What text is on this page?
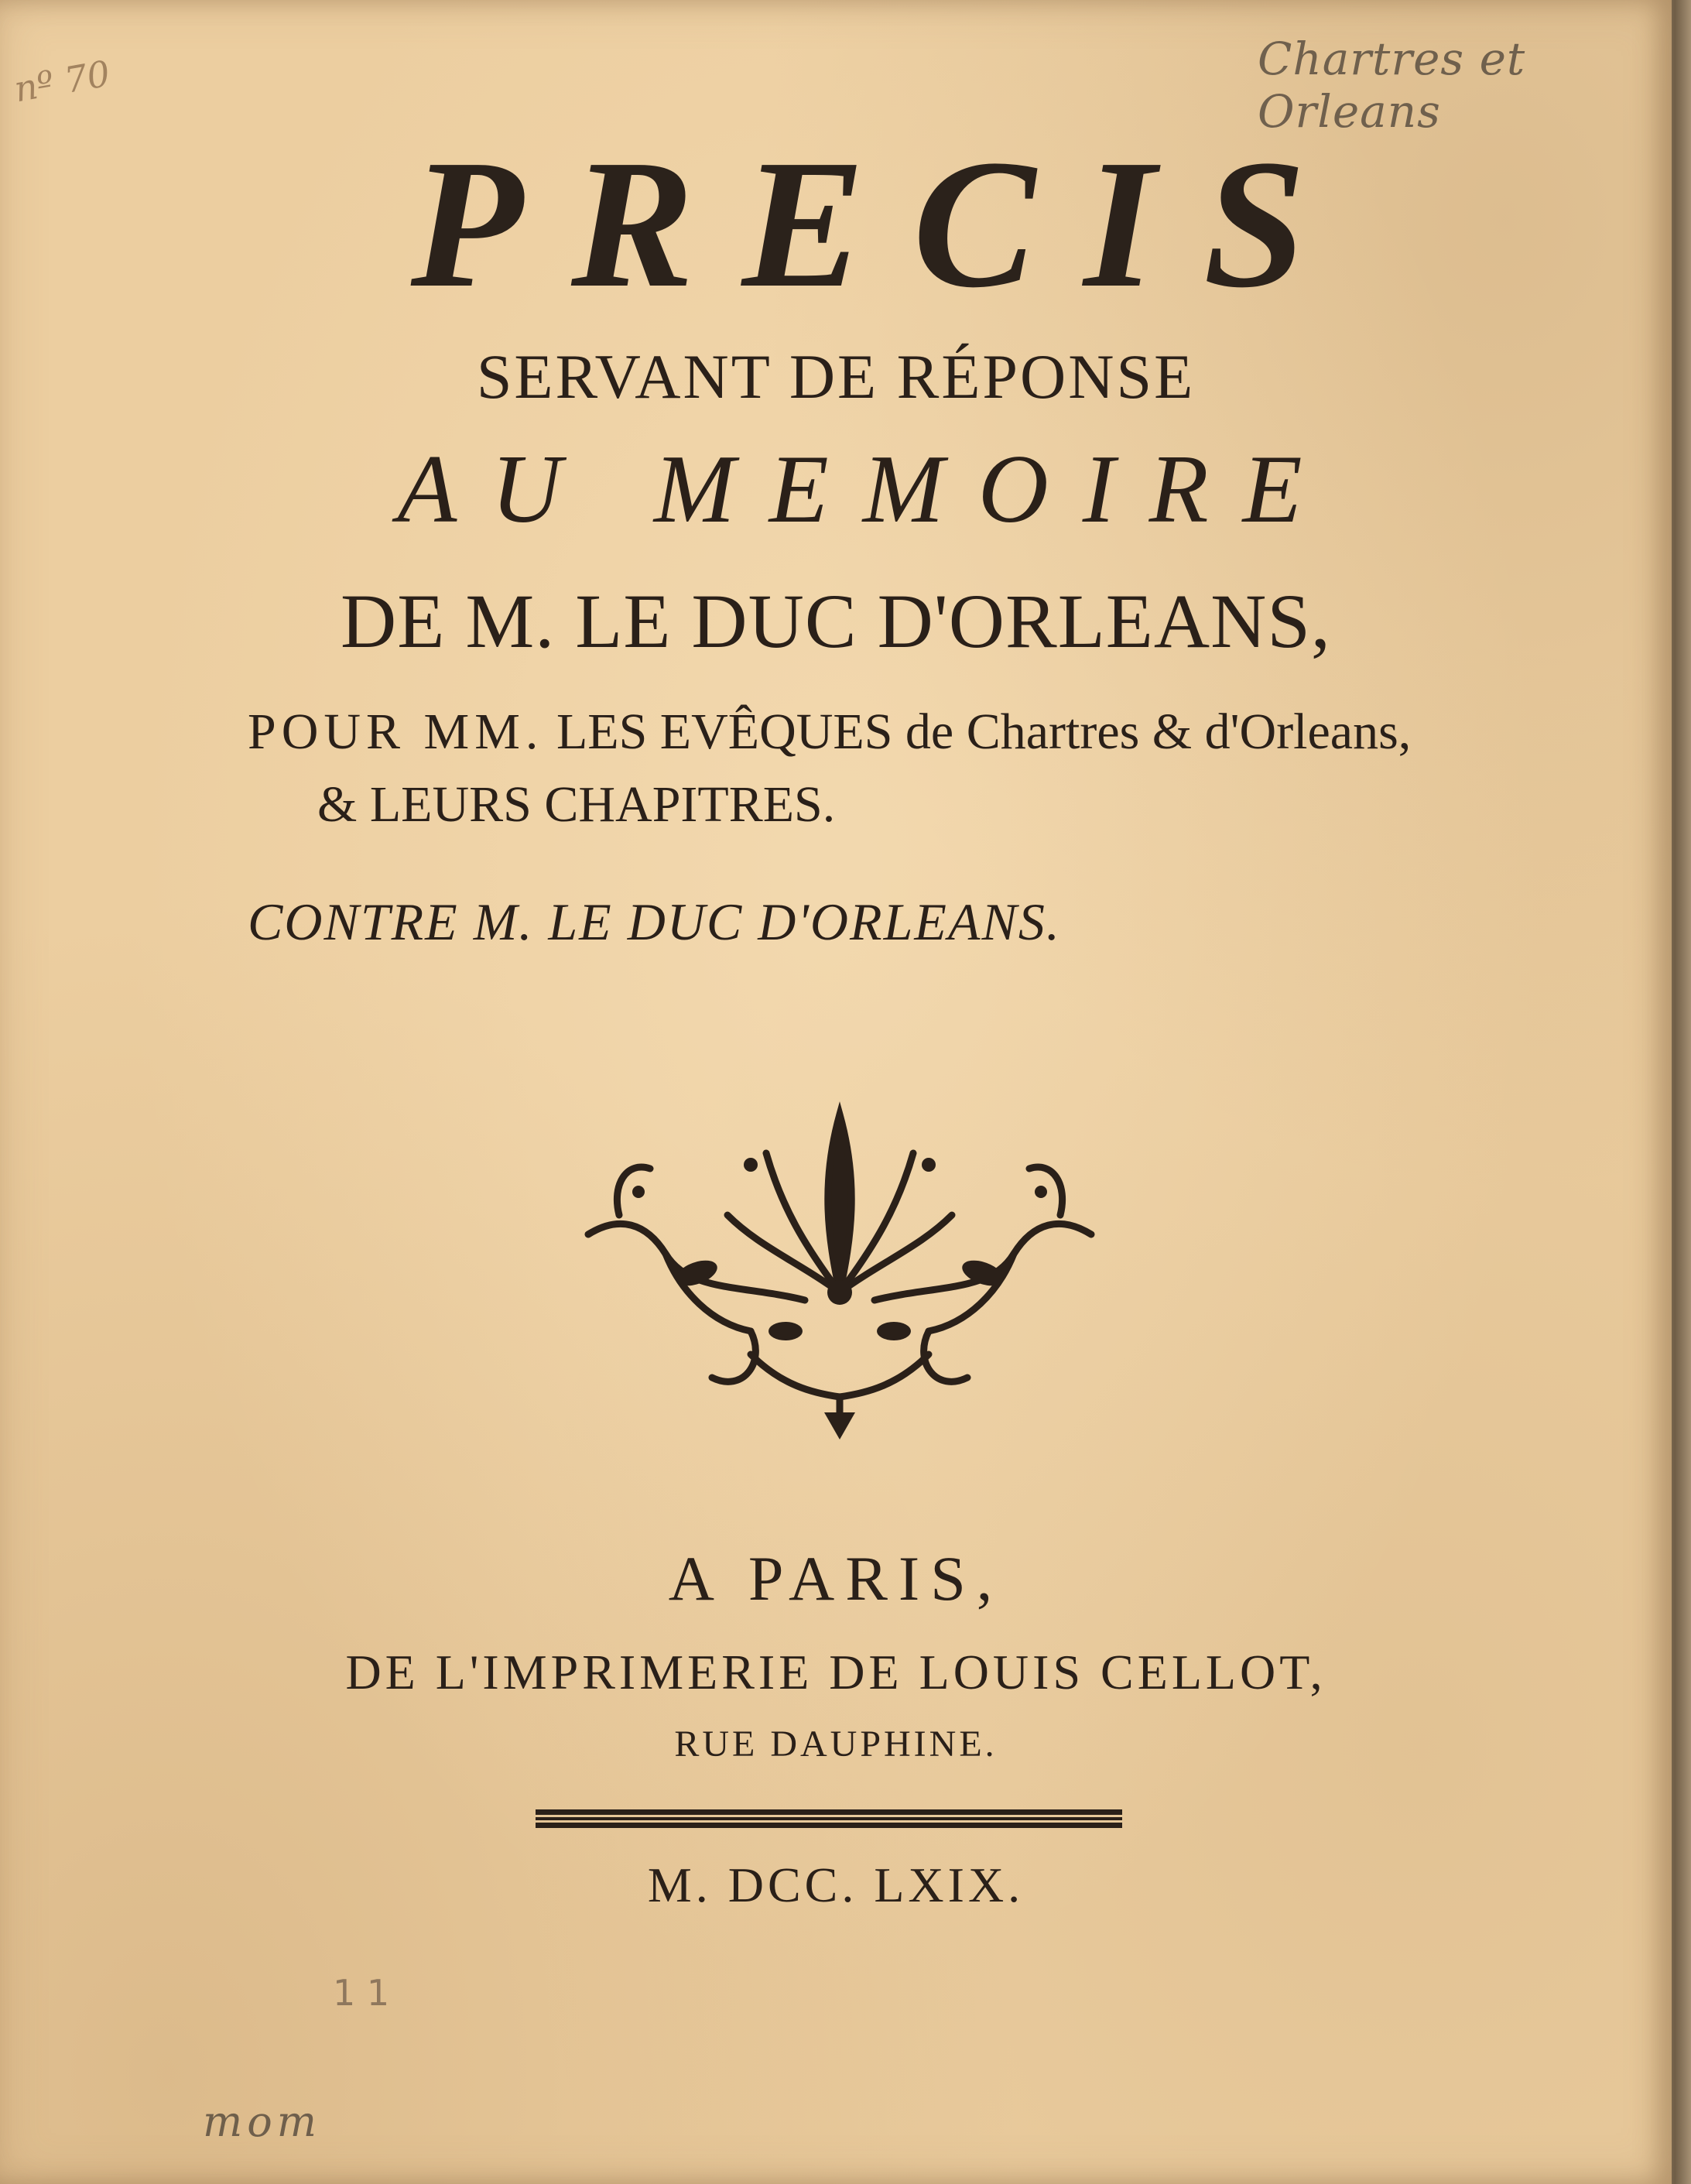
Chartres et Orleans
nº 70
PRECIS

SERVANT DE RÉPONSE

AU MEMOIRE

DE M. LE DUC D'ORLEANS,

POUR MM. LES EVÊQUES de Chartres & d'Orleans,

& LEURS CHAPITRES.

CONTRE M. LE DUC D'ORLEANS.

A PARIS,

DE L'IMPRIMERIE DE LOUIS CELLOT,

RUE DAUPHINE.

M. DCC. LXIX.

1 1
mom
